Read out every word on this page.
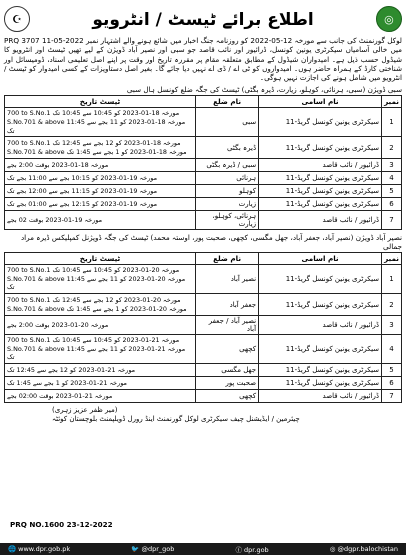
☪	اطلاع برائے ٹیسٹ / انٹرویو	◎
لوکل گورنمنٹ کی جانب سے مورخہ 12-05-2022 کو روزنامہ جنگ اخبار میں شائع ہونے والے اشتہار نمبر PRQ 3707 11-05-2022 میں خالی آسامیاں سیکرٹری یونین کونسل، ڈرائیور اور نائب قاصد جو سبی اور نصیر آباد ڈویژن کے لیے تھیں ٹیسٹ اور انٹرویو کا شیڈول حسب ذیل ہے۔ امیدواران شیڈول کے مطابق متعلقہ مقام پر مقررہ تاریخ اور وقت پر اپنے اصل تعلیمی اسناد، ڈومیسائل اور شناختی کارڈ کے ہمراہ حاضر ہوں۔ امیدواروں کو ٹی اے / ڈی اے نہیں دیا جائے گا۔ بغیر اصل دستاویزات کے کسی امیدوار کو ٹیسٹ / انٹرویو میں شامل ہونے کی اجازت نہیں ہوگی۔
سبی ڈویژن (سبی، ہرنائی، کوہلو، زیارت، ڈیرہ بگٹی) ٹیسٹ کی جگہ ضلع کونسل ہال سبی
نمبر	نام اسامی	نام ضلع	ٹیسٹ تاریخ
1	سیکرٹری یونین کونسل گریڈ-11	سبی	700 to S.No.1 مورخہ 18-01-2023 کو 10:45 سے 10:45 تک
S.No.701 & above مورخہ 18-01-2023 کو 11 بجے سے 11:45 تک
2	سیکرٹری یونین کونسل گریڈ-11	ڈیرہ بگٹی	700 to S.No.1 مورخہ 18-01-2023 کو 12 بجے سے 12:45 تک
S.No.701 & above مورخہ 18-01-2023 کو 1 بجے سے 1:45 تک
3	ڈرائیور / نائب قاصد	سبی / ڈیرہ بگٹی	مورخہ 18-01-2023 بوقت 2:00 بجے
4	سیکرٹری یونین کونسل گریڈ-11	ہرنائی	مورخہ 19-01-2023 کو 10:15 بجے سے 11:00 بجے تک
5	سیکرٹری یونین کونسل گریڈ-11	کوہلو	مورخہ 19-01-2023 کو 11:15 بجے سے 12:00 بجے تک
6	سیکرٹری یونین کونسل گریڈ-11	زیارت	مورخہ 19-01-2023 کو 12:15 بجے سے 01:00 بجے تک
7	ڈرائیور / نائب قاصد	ہرنائی، کوہلو، زیارت	مورخہ 19-01-2023 بوقت 02 بجے
نصیر آباد ڈویژن (نصیر آباد، جعفر آباد، جھل مگسی، کچھی، صحبت پور، اوستہ محمد) ٹیسٹ کی جگہ ڈویژنل کمپلیکس ڈیرہ مراد جمالی
نمبر	نام اسامی	نام ضلع	ٹیسٹ تاریخ
1	سیکرٹری یونین کونسل گریڈ-11	نصیر آباد	700 to S.No.1 مورخہ 20-01-2023 کو 10:45 سے 10:45 تک
S.No.701 & above مورخہ 20-01-2023 کو 11 بجے سے 11:45 تک
2	سیکرٹری یونین کونسل گریڈ-11	جعفر آباد	700 to S.No.1 مورخہ 20-01-2023 کو 12 بجے سے 12:45 تک
S.No.701 & above مورخہ 20-01-2023 کو 1 بجے سے 1:45 تک
3	ڈرائیور / نائب قاصد	نصیر آباد / جعفر آباد	مورخہ 20-01-2023 بوقت 2:00 بجے
4	سیکرٹری یونین کونسل گریڈ-11	کچھی	700 to S.No.1 مورخہ 21-01-2023 کو 10:45 سے 10:45 تک
S.No.701 & above مورخہ 21-01-2023 کو 11 بجے سے 11:45 تک
5	سیکرٹری یونین کونسل گریڈ-11	جھل مگسی	مورخہ 21-01-2023 کو 12 بجے سے 12:45 تک
6	سیکرٹری یونین کونسل گریڈ-11	صحبت پور	مورخہ 21-01-2023 کو 1 بجے سے 1:45 تک
7	ڈرائیور / نائب قاصد	کچھی	مورخہ 21-01-2023 بوقت 02:00 بجے
(میر ظفر عزیز زہری)
چیئرمین / ایڈیشنل چیف سیکرٹری لوکل گورنمنٹ اینڈ رورل ڈویلپمنٹ بلوچستان کوئٹہ
PRQ NO.1600 23-12-2022
🌐 www.dpr.gob.pk	🐦 @dpr_gob	ⓕ dpr.gob	◎ @dgpr.balochistan
